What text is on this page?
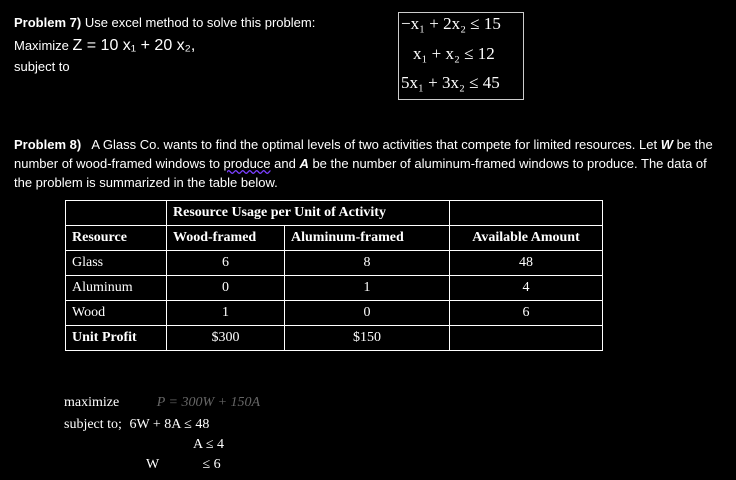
Problem 7) Use excel method to solve this problem:
Maximize Z = 10 x₁ + 20 x₂,
subject to
−x₁ + 2x₂ ≤ 15
x₁ + x₂ ≤ 12
5x₁ + 3x₂ ≤ 45
Problem 8) A Glass Co. wants to find the optimal levels of two activities that compete for limited resources. Let W be the number of wood-framed windows to produce and A be the number of aluminum-framed windows to produce. The data of the problem is summarized in the table below.
	Resource Usage per Unit of Activity		
Resource	Wood-framed	Aluminum-framed	Available Amount
Glass	6	8	48
Aluminum	0	1	4
Wood	1	0	6
Unit Profit	$300	$150	
maximize	P = 300W + 150A
subject to; 6W + 8A ≤ 48
A ≤ 4
W	≤ 6
